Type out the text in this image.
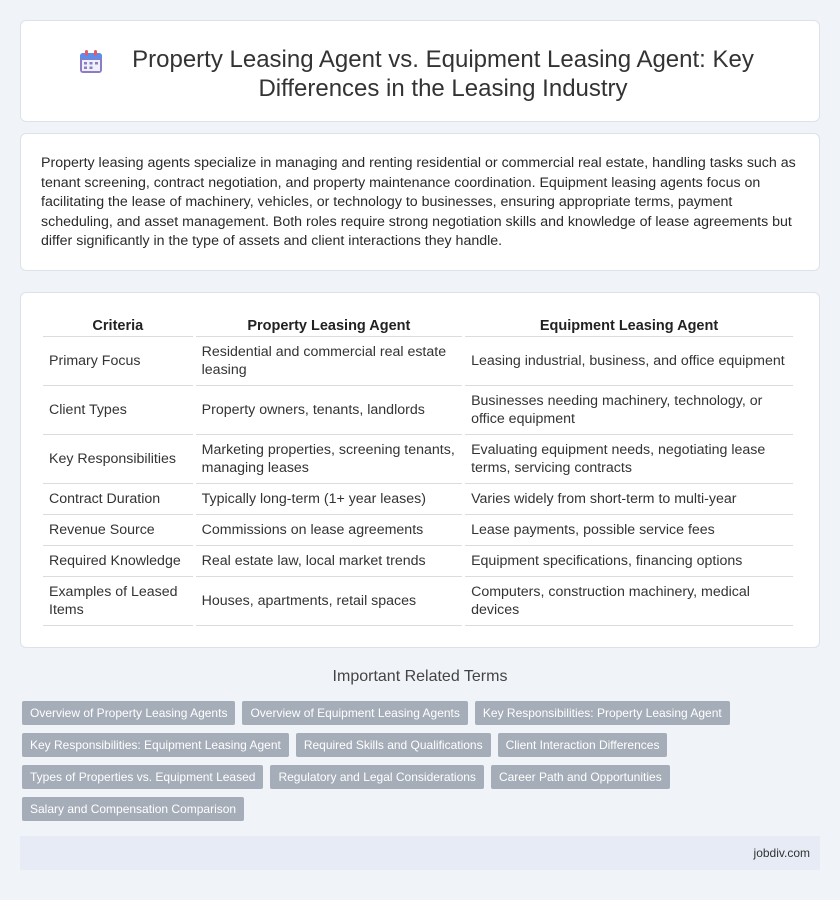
Property Leasing Agent vs. Equipment Leasing Agent: Key Differences in the Leasing Industry

Property leasing agents specialize in managing and renting residential or commercial real estate, handling tasks such as tenant screening, contract negotiation, and property maintenance coordination. Equipment leasing agents focus on facilitating the lease of machinery, vehicles, or technology to businesses, ensuring appropriate terms, payment scheduling, and asset management. Both roles require strong negotiation skills and knowledge of lease agreements but differ significantly in the type of assets and client interactions they handle.

Criteria	Property Leasing Agent	Equipment Leasing Agent
Primary Focus	Residential and commercial real estate leasing	Leasing industrial, business, and office equipment
Client Types	Property owners, tenants, landlords	Businesses needing machinery, technology, or office equipment
Key Responsibilities	Marketing properties, screening tenants, managing leases	Evaluating equipment needs, negotiating lease terms, servicing contracts
Contract Duration	Typically long-term (1+ year leases)	Varies widely from short-term to multi-year
Revenue Source	Commissions on lease agreements	Lease payments, possible service fees
Required Knowledge	Real estate law, local market trends	Equipment specifications, financing options
Examples of Leased Items	Houses, apartments, retail spaces	Computers, construction machinery, medical devices
Important Related Terms
Overview of Property Leasing Agents	Overview of Equipment Leasing Agents	Key Responsibilities: Property Leasing Agent
Key Responsibilities: Equipment Leasing Agent	Required Skills and Qualifications	Client Interaction Differences
Types of Properties vs. Equipment Leased	Regulatory and Legal Considerations	Career Path and Opportunities
Salary and Compensation Comparison
jobdiv.com
